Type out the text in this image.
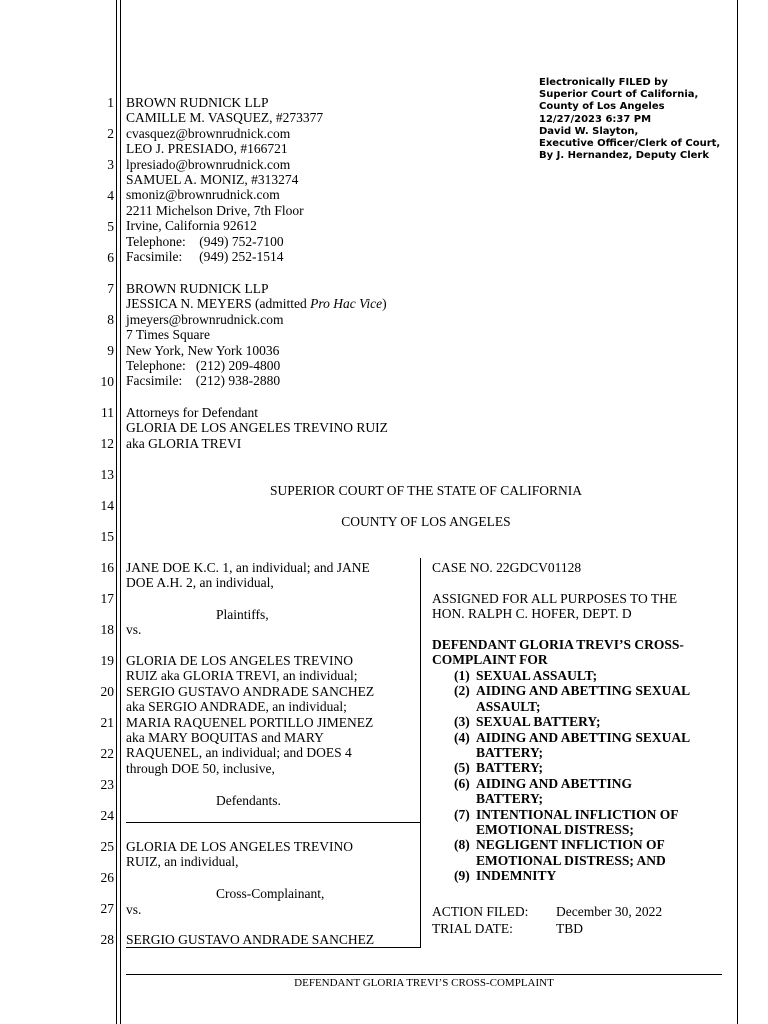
1
2
3
4
5
6
7
8
9
10
11
12
13
14
15
16
17
18
19
20
21
22
23
24
25
26
27
28
Electronically FILED by
Superior Court of California,
County of Los Angeles
12/27/2023 6:37 PM
David W. Slayton,
Executive Officer/Clerk of Court,
By J. Hernandez, Deputy Clerk
BROWN RUDNICK LLP
CAMILLE M. VASQUEZ, #273377
cvasquez@brownrudnick.com
LEO J. PRESIADO, #166721
lpresiado@brownrudnick.com
SAMUEL A. MONIZ, #313274
smoniz@brownrudnick.com
2211 Michelson Drive, 7th Floor
Irvine, California 92612
Telephone:    (949) 752-7100
Facsimile:     (949) 252-1514
BROWN RUDNICK LLP
JESSICA N. MEYERS (admitted Pro Hac Vice)
jmeyers@brownrudnick.com
7 Times Square
New York, New York 10036
Telephone:   (212) 209-4800
Facsimile:    (212) 938-2880
Attorneys for Defendant
GLORIA DE LOS ANGELES TREVINO RUIZ
aka GLORIA TREVI
SUPERIOR COURT OF THE STATE OF CALIFORNIA
COUNTY OF LOS ANGELES
JANE DOE K.C. 1, an individual; and JANE
DOE A.H. 2, an individual,
Plaintiffs,
vs.
GLORIA DE LOS ANGELES TREVINO
RUIZ aka GLORIA TREVI, an individual;
SERGIO GUSTAVO ANDRADE SANCHEZ
aka SERGIO ANDRADE, an individual;
MARIA RAQUENEL PORTILLO JIMENEZ
aka MARY BOQUITAS and MARY
RAQUENEL, an individual; and DOES 4
through DOE 50, inclusive,
Defendants.
GLORIA DE LOS ANGELES TREVINO
RUIZ, an individual,
Cross-Complainant,
vs.
SERGIO GUSTAVO ANDRADE SANCHEZ
CASE NO. 22GDCV01128
ASSIGNED FOR ALL PURPOSES TO THE
HON. RALPH C. HOFER, DEPT. D
DEFENDANT GLORIA TREVI’S CROSS-
COMPLAINT FOR
(1) SEXUAL ASSAULT;
(2) AIDING AND ABETTING SEXUAL
ASSAULT;
(3) SEXUAL BATTERY;
(4) AIDING AND ABETTING SEXUAL
BATTERY;
(5) BATTERY;
(6) AIDING AND ABETTING
BATTERY;
(7) INTENTIONAL INFLICTION OF
EMOTIONAL DISTRESS;
(8) NEGLIGENT INFLICTION OF
EMOTIONAL DISTRESS; AND
(9) INDEMNITY
ACTION FILED: December 30, 2022
TRIAL DATE:	TBD
DEFENDANT GLORIA TREVI’S CROSS-COMPLAINT
